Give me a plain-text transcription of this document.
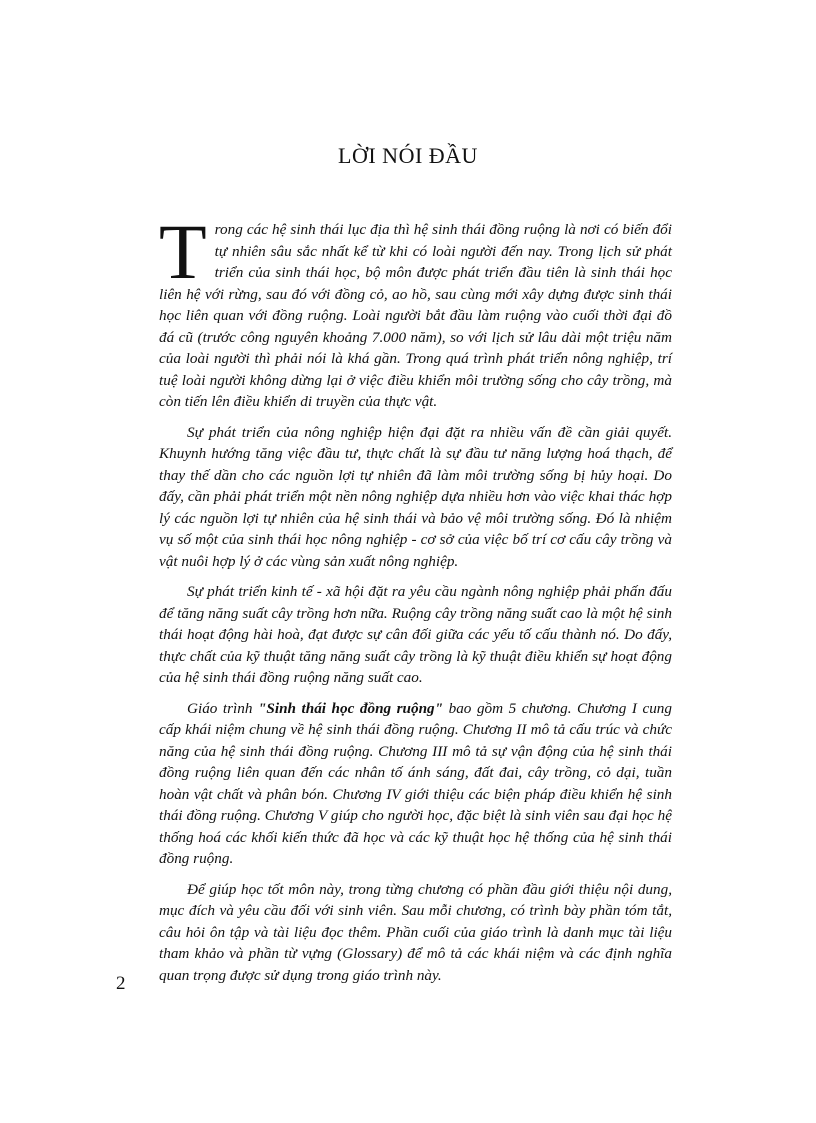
LỜI NÓI ĐẦU

Trong các hệ sinh thái lục địa thì hệ sinh thái đồng ruộng là nơi có biến đổi tự nhiên sâu sắc nhất kể từ khi có loài người đến nay. Trong lịch sử phát triển của sinh thái học, bộ môn được phát triển đầu tiên là sinh thái học liên hệ với rừng, sau đó với đồng cỏ, ao hồ, sau cùng mới xây dựng được sinh thái học liên quan với đồng ruộng. Loài người bắt đầu làm ruộng vào cuối thời đại đồ đá cũ (trước công nguyên khoảng 7.000 năm), so với lịch sử lâu dài một triệu năm của loài người thì phải nói là khá gần. Trong quá trình phát triển nông nghiệp, trí tuệ loài người không dừng lại ở việc điều khiển môi trường sống cho cây trồng, mà còn tiến lên điều khiển di truyền của thực vật.

Sự phát triển của nông nghiệp hiện đại đặt ra nhiều vấn đề cần giải quyết. Khuynh hướng tăng việc đầu tư, thực chất là sự đầu tư năng lượng hoá thạch, để thay thế dần cho các nguồn lợi tự nhiên đã làm môi trường sống bị hủy hoại. Do đấy, cần phải phát triển một nền nông nghiệp dựa nhiều hơn vào việc khai thác hợp lý các nguồn lợi tự nhiên của hệ sinh thái và bảo vệ môi trường sống. Đó là nhiệm vụ số một của sinh thái học nông nghiệp - cơ sở của việc bố trí cơ cấu cây trồng và vật nuôi hợp lý ở các vùng sản xuất nông nghiệp.

Sự phát triển kinh tế - xã hội đặt ra yêu cầu ngành nông nghiệp phải phấn đấu để tăng năng suất cây trồng hơn nữa. Ruộng cây trồng năng suất cao là một hệ sinh thái hoạt động hài hoà, đạt được sự cân đối giữa các yếu tố cấu thành nó. Do đấy, thực chất của kỹ thuật tăng năng suất cây trồng là kỹ thuật điều khiển sự hoạt động của hệ sinh thái đồng ruộng năng suất cao.

Giáo trình "Sinh thái học đồng ruộng" bao gồm 5 chương. Chương I cung cấp khái niệm chung về hệ sinh thái đồng ruộng. Chương II mô tả cấu trúc và chức năng của hệ sinh thái đồng ruộng. Chương III mô tả sự vận động của hệ sinh thái đồng ruộng liên quan đến các nhân tố ánh sáng, đất đai, cây trồng, cỏ dại, tuần hoàn vật chất và phân bón. Chương IV giới thiệu các biện pháp điều khiển hệ sinh thái đồng ruộng. Chương V giúp cho người học, đặc biệt là sinh viên sau đại học hệ thống hoá các khối kiến thức đã học và các kỹ thuật học hệ thống của hệ sinh thái đồng ruộng.

Để giúp học tốt môn này, trong từng chương có phần đầu giới thiệu nội dung, mục đích và yêu cầu đối với sinh viên. Sau mỗi chương, có trình bày phần tóm tắt, câu hỏi ôn tập và tài liệu đọc thêm. Phần cuối của giáo trình là danh mục tài liệu tham khảo và phần từ vựng (Glossary) để mô tả các khái niệm và các định nghĩa quan trọng được sử dụng trong giáo trình này.

2
